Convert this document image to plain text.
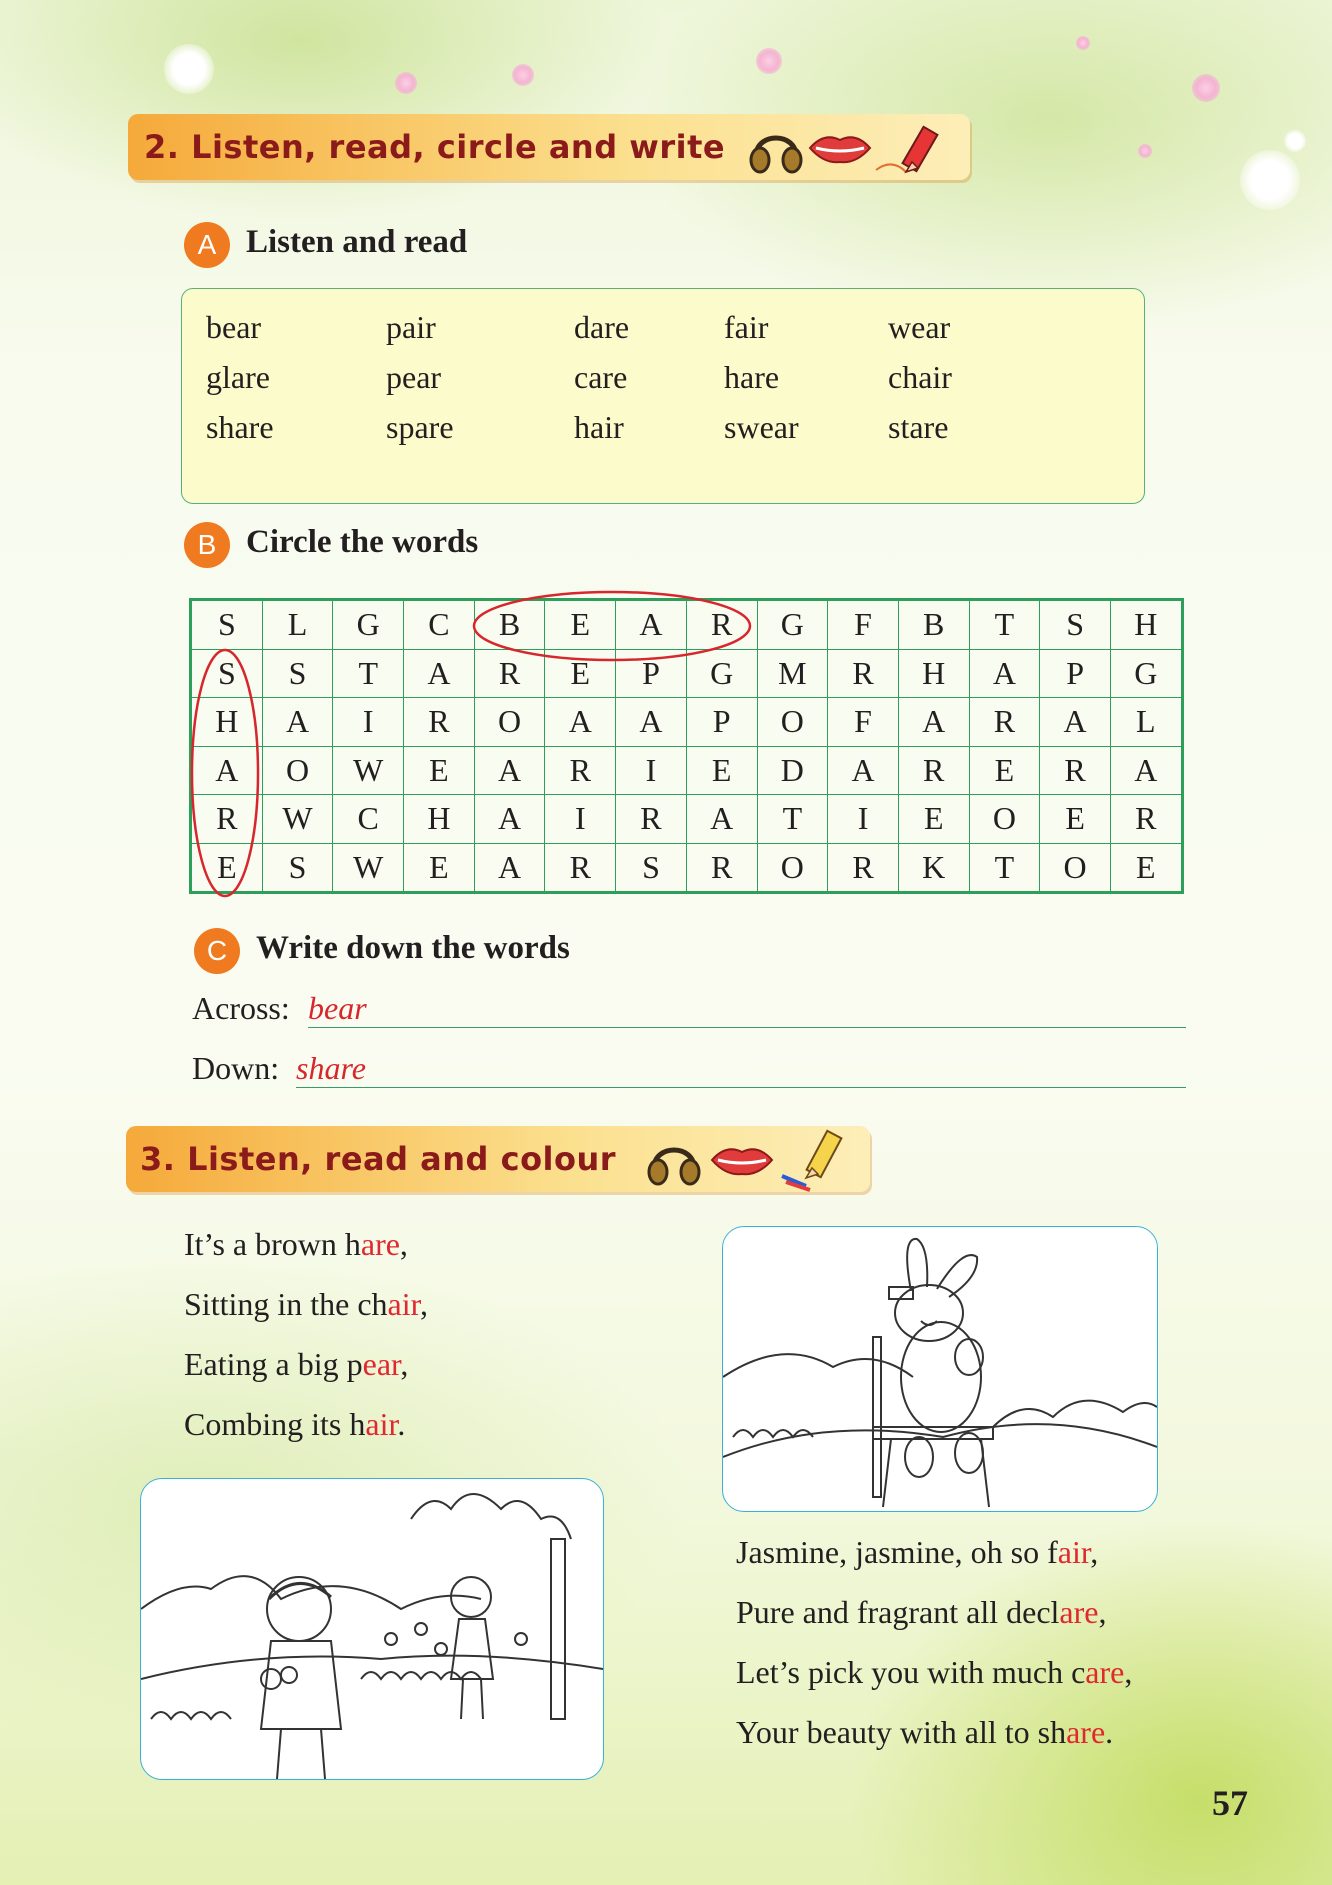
2. Listen, read, circle and write
A Listen and read
bear	pair	dare	fair	wear
glare	pear	care	hare	chair
share	spare	hair	swear	stare
B Circle the words
S	L	G	C	B	E	A	R	G	F	B	T	S	H
S	S	T	A	R	E	P	G	M	R	H	A	P	G
H	A	I	R	O	A	A	P	O	F	A	R	A	L
A	O	W	E	A	R	I	E	D	A	R	E	R	A
R	W	C	H	A	I	R	A	T	I	E	O	E	R
E	S	W	E	A	R	S	R	O	R	K	T	O	E
C Write down the words
Across: bear
Down: share
3. Listen, read and colour
It’s a brown hare,
Sitting in the chair,
Eating a big pear,
Combing its hair.
Jasmine, jasmine, oh so fair,
Pure and fragrant all declare,
Let’s pick you with much care,
Your beauty with all to share.
57
